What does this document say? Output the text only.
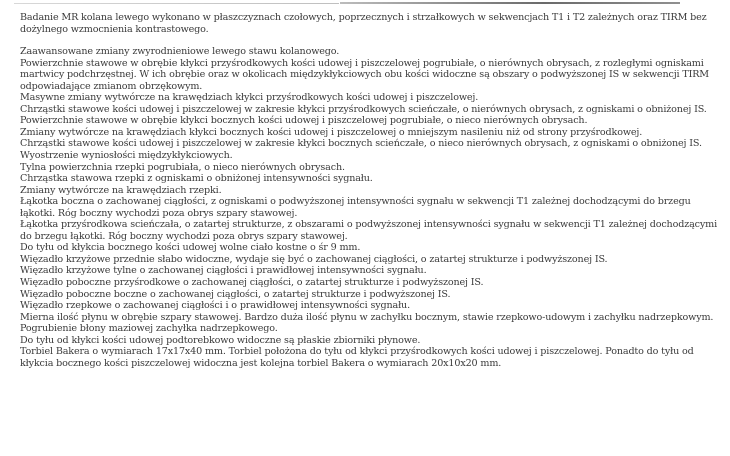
Badanie MR kolana lewego wykonano w płaszczyznach czołowych, poprzecznych i strzałkowych w sekwencjach T1 i T2 zależnych oraz TIRM bez dożylnego wzmocnienia kontrastowego.

Zaawansowane zmiany zwyrodnieniowe lewego stawu kolanowego.

Powierzchnie stawowe w obrębie kłykci przyśrodkowych kości udowej i piszczelowej pogrubiałe, o nierównych obrysach, z rozległymi ogniskami martwicy podchrzęstnej. W ich obrębie oraz w okolicach międzykłykciowych obu kości widoczne są obszary o podwyższonej IS w sekwencji TIRM odpowiadające zmianom obrzękowym.

Masywne zmiany wytwórcze na krawędziach kłykci przyśrodkowych kości udowej i piszczelowej.

Chrząstki stawowe kości udowej i piszczelowej w zakresie kłykci przyśrodkowych scieńczałe, o nierównych obrysach, z ogniskami o obniżonej IS.

Powierzchnie stawowe w obrębie kłykci bocznych kości udowej i piszczelowej pogrubiałe, o nieco nierównych obrysach.

Zmiany wytwórcze na krawędziach kłykci bocznych kości udowej i piszczelowej o mniejszym nasileniu niż od strony przyśrodkowej.

Chrząstki stawowe kości udowej i piszczelowej w zakresie kłykci bocznych scieńczałe, o nieco nierównych obrysach, z ogniskami o obniżonej IS.

Wyostrzenie wyniosłości międzykłykciowych.

Tylna powierzchnia rzepki pogrubiała, o nieco nierównych obrysach.

Chrząstka stawowa rzepki z ogniskami o obniżonej intensywności sygnału.

Zmiany wytwórcze na krawędziach rzepki.

Łąkotka boczna o zachowanej ciągłości, z ogniskami o podwyższonej intensywności sygnału w sekwencji T1 zależnej dochodzącymi do brzegu łąkotki. Róg boczny wychodzi poza obrys szpary stawowej.

Łąkotka przyśrodkowa scieńczała, o zatartej strukturze, z obszarami o podwyższonej intensywności sygnału w sekwencji T1 zależnej dochodzącymi do brzegu łąkotki. Róg boczny wychodzi poza obrys szpary stawowej.

Do tyłu od kłykcia bocznego kości udowej wolne ciało kostne o śr 9 mm.

Więzadło krzyżowe przednie słabo widoczne, wydaje się być o zachowanej ciągłości, o zatartej strukturze i podwyższonej IS.

Więzadło krzyżowe tylne o zachowanej ciągłości i prawidłowej intensywności sygnału.

Więzadło poboczne przyśrodkowe o zachowanej ciągłości, o zatartej strukturze i podwyższonej IS.

Więzadło poboczne boczne o zachowanej ciągłości, o zatartej strukturze i podwyższonej IS.

Więzadło rzepkowe o zachowanej ciągłości i o prawidłowej intensywności sygnału.

Mierna ilość płynu w obrębie szpary stawowej. Bardzo duża ilość płynu w zachyłku bocznym, stawie rzepkowo-udowym i zachyłku nadrzepkowym.

Pogrubienie błony maziowej zachyłka nadrzepkowego.

Do tyłu od kłykci kości udowej podtorebkowo widoczne są płaskie zbiorniki płynowe.

Torbiel Bakera o wymiarach 17x17x40 mm. Torbiel położona do tyłu od kłykci przyśrodkowych kości udowej i piszczelowej. Ponadto do tyłu od kłykcia bocznego kości piszczelowej widoczna jest kolejna torbiel Bakera o wymiarach 20x10x20 mm.
